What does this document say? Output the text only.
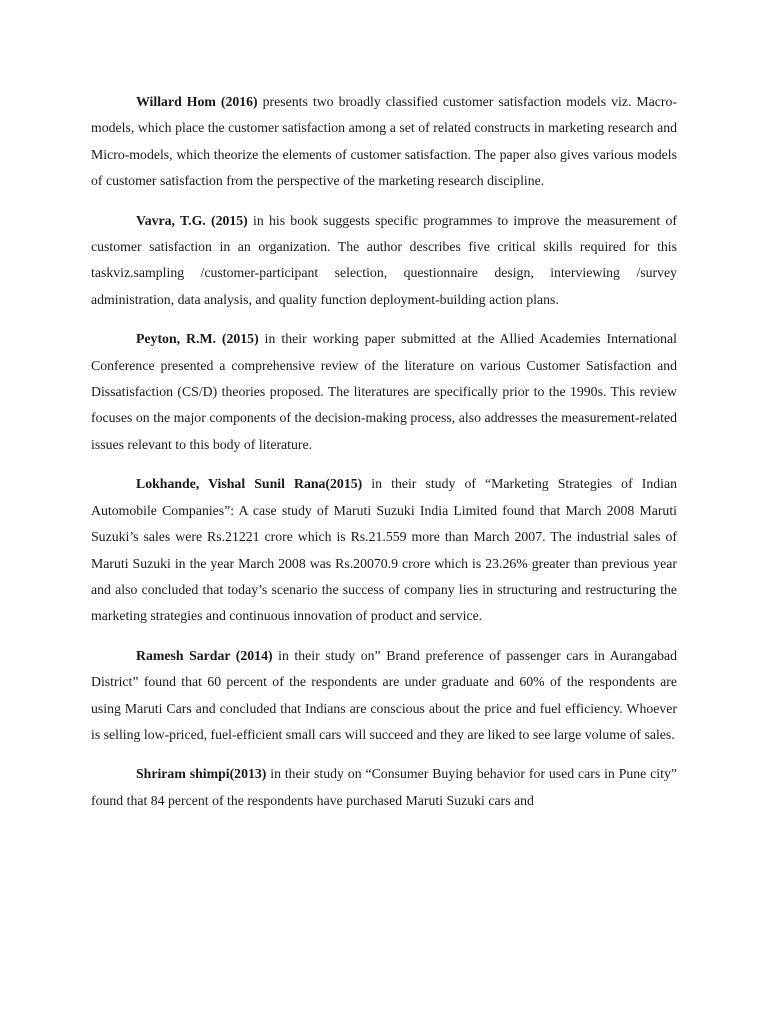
Willard Hom (2016) presents two broadly classified customer satisfaction models viz. Macro-models, which place the customer satisfaction among a set of related constructs in marketing research and Micro-models, which theorize the elements of customer satisfaction. The paper also gives various models of customer satisfaction from the perspective of the marketing research discipline.

Vavra, T.G. (2015) in his book suggests specific programmes to improve the measurement of customer satisfaction in an organization. The author describes five critical skills required for this taskviz.sampling /customer-participant selection, questionnaire design, interviewing /survey administration, data analysis, and quality function deployment-building action plans.

Peyton, R.M. (2015) in their working paper submitted at the Allied Academies International Conference presented a comprehensive review of the literature on various Customer Satisfaction and Dissatisfaction (CS/D) theories proposed. The literatures are specifically prior to the 1990s. This review focuses on the major components of the decision-making process, also addresses the measurement-related issues relevant to this body of literature.

Lokhande, Vishal Sunil Rana(2015) in their study of “Marketing Strategies of Indian Automobile Companies”: A case study of Maruti Suzuki India Limited found that March 2008 Maruti Suzuki’s sales were Rs.21221 crore which is Rs.21.559 more than March 2007. The industrial sales of Maruti Suzuki in the year March 2008 was Rs.20070.9 crore which is 23.26% greater than previous year and also concluded that today’s scenario the success of company lies in structuring and restructuring the marketing strategies and continuous innovation of product and service.

Ramesh Sardar (2014) in their study on” Brand preference of passenger cars in Aurangabad District” found that 60 percent of the respondents are under graduate and 60% of the respondents are using Maruti Cars and concluded that Indians are conscious about the price and fuel efficiency. Whoever is selling low-priced, fuel-efficient small cars will succeed and they are liked to see large volume of sales.

Shriram shimpi(2013) in their study on “Consumer Buying behavior for used cars in Pune city” found that 84 percent of the respondents have purchased Maruti Suzuki cars and
